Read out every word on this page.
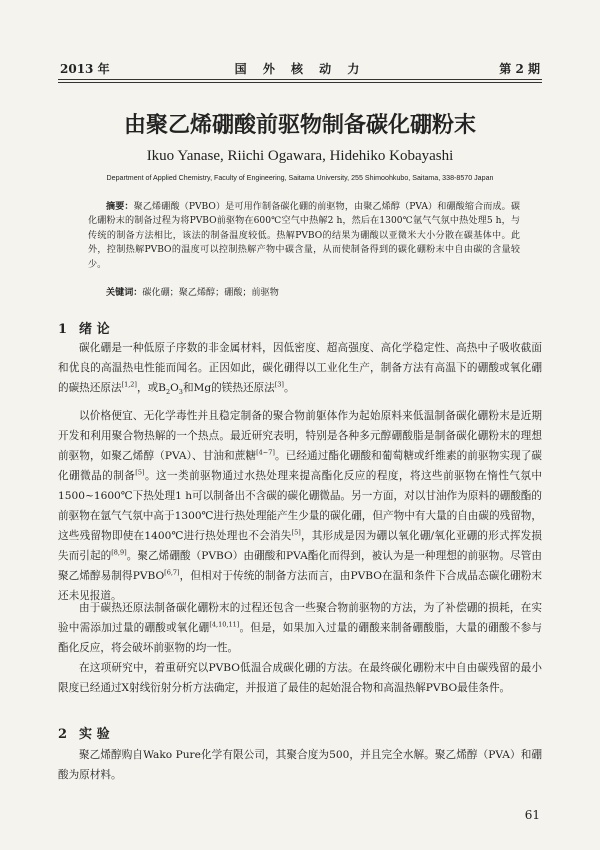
2013 年	国 外 核 动 力	第 2 期
由聚乙烯硼酸前驱物制备碳化硼粉末
Ikuo Yanase, Riichi Ogawara, Hidehiko Kobayashi
Department of Applied Chemistry, Faculty of Engineering, Saitama University, 255 Shimoohkubo, Saitama, 338-8570 Japan

摘要：聚乙烯硼酸（PVBO）是可用作制备碳化硼的前驱物，由聚乙烯醇（PVA）和硼酸缩合而成。碳化硼粉末的制备过程为将PVBO前驱物在600℃空气中热解2 h，然后在1300℃氩气气氛中热处理5 h，与传统的制备方法相比，该法的制备温度较低。热解PVBO的结果为硼酸以亚微米大小分散在碳基体中。此外，控制热解PVBO的温度可以控制热解产物中碳含量，从而使制备得到的碳化硼粉末中自由碳的含量较少。

关键词：碳化硼；聚乙烯醇；硼酸；前驱物

1 绪 论

碳化硼是一种低原子序数的非金属材料，因低密度、超高强度、高化学稳定性、高热中子吸收截面和优良的高温热电性能而闻名。正因如此，碳化硼得以工业化生产，制备方法有高温下的硼酸或氧化硼的碳热还原法[1,2]，或$B_2O_3$和Mg的镁热还原法[3]。

以价格便宜、无化学毒性并且稳定制备的聚合物前躯体作为起始原料来低温制备碳化硼粉末是近期开发和利用聚合物热解的一个热点。最近研究表明，特别是各种多元醇硼酸脂是制备碳化硼粉末的理想前驱物，如聚乙烯醇（PVA）、甘油和蔗糖[4~7]。已经通过酯化硼酸和葡萄糖或纤维素的前驱物实现了碳化硼微晶的制备[5]。这一类前驱物通过水热处理来提高酯化反应的程度，将这些前驱物在惰性气氛中1500~1600℃下热处理1 h可以制备出不含碳的碳化硼微晶。另一方面，对以甘油作为原料的硼酸酯的前驱物在氩气气氛中高于1300℃进行热处理能产生少量的碳化硼，但产物中有大量的自由碳的残留物，这些残留物即使在1400℃进行热处理也不会消失[5]，其形成是因为硼以氧化硼/氧化亚硼的形式挥发损失而引起的[8,9]。聚乙烯硼酸（PVBO）由硼酸和PVA酯化而得到，被认为是一种理想的前驱物。尽管由聚乙烯醇易制得PVBO[6,7]，但相对于传统的制备方法而言，由PVBO在温和条件下合成晶态碳化硼粉末还未见报道。

由于碳热还原法制备碳化硼粉末的过程还包含一些聚合物前驱物的方法，为了补偿硼的损耗，在实验中需添加过量的硼酸或氧化硼[4,10,11]。但是，如果加入过量的硼酸来制备硼酸脂，大量的硼酸不参与酯化反应，将会破坏前驱物的均一性。

在这项研究中，着重研究以PVBO低温合成碳化硼的方法。在最终碳化硼粉末中自由碳残留的最小限度已经通过X射线衍射分析方法确定，并报道了最佳的起始混合物和高温热解PVBO最佳条件。

2 实 验

聚乙烯醇购自Wako Pure化学有限公司，其聚合度为500，并且完全水解。聚乙烯醇（PVA）和硼酸为原材料。

61
